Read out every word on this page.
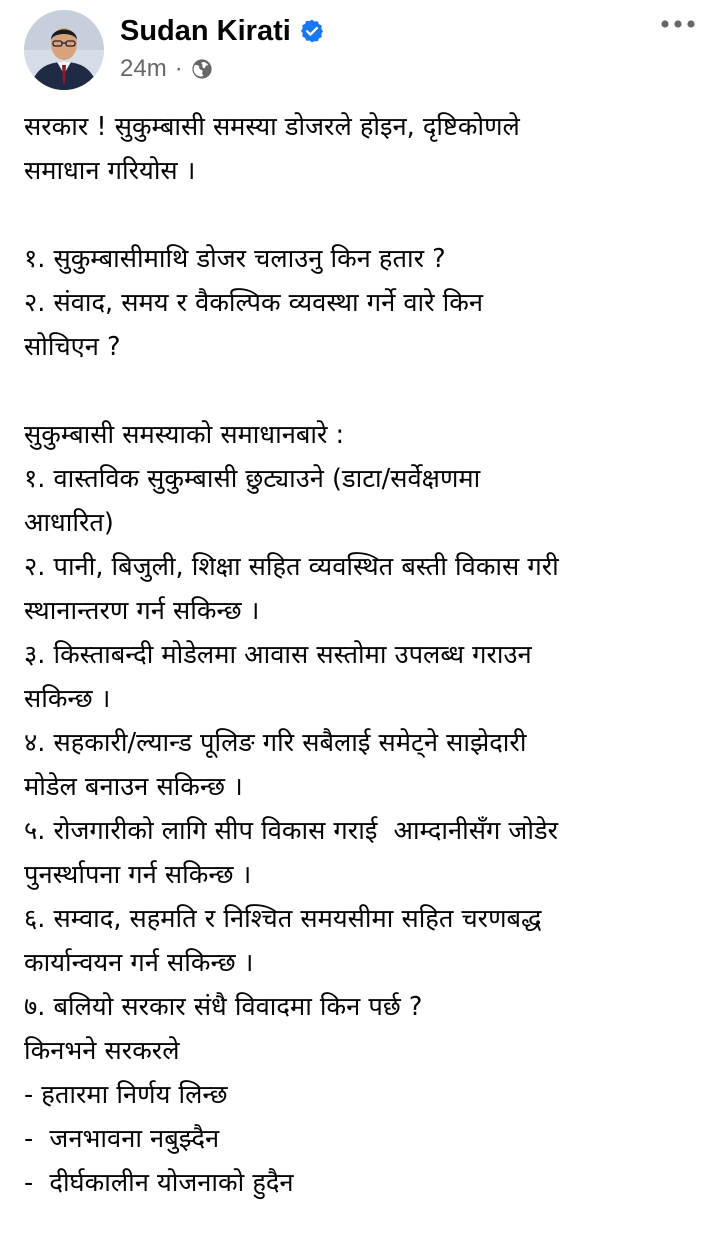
Sudan Kirati
24m ·
सरकार ! सुकुम्बासी समस्या डोजरले होइन, दृष्टिकोणले
समाधान गरियोस ।
१. सुकुम्बासीमाथि डोजर चलाउनु किन हतार ?
२. संवाद, समय र वैकल्पिक व्यवस्था गर्ने वारे किन
सोचिएन ?
सुकुम्बासी समस्याको समाधानबारे :
१. वास्तविक सुकुम्बासी छुट्याउने (डाटा/सर्वेक्षणमा
आधारित)
२. पानी, बिजुली, शिक्षा सहित व्यवस्थित बस्ती विकास गरी
स्थानान्तरण गर्न सकिन्छ ।
३. किस्ताबन्दी मोडेलमा आवास सस्तोमा उपलब्ध गराउन
सकिन्छ ।
४. सहकारी/ल्यान्ड पूलिङ गरि सबैलाई समेट्ने साझेदारी
मोडेल बनाउन सकिन्छ ।
५. रोजगारीको लागि सीप विकास गराई  आम्दानीसँग जोडेर
पुनर्स्थापना गर्न सकिन्छ ।
६. सम्वाद, सहमति र निश्चित समयसीमा सहित चरणबद्ध
कार्यान्वयन गर्न सकिन्छ ।
७. बलियो सरकार संधै विवादमा किन पर्छ ?
किनभने सरकरले
- हतारमा निर्णय लिन्छ
-  जनभावना नबुझ्दैन
-  दीर्घकालीन योजनाको हुदैन
